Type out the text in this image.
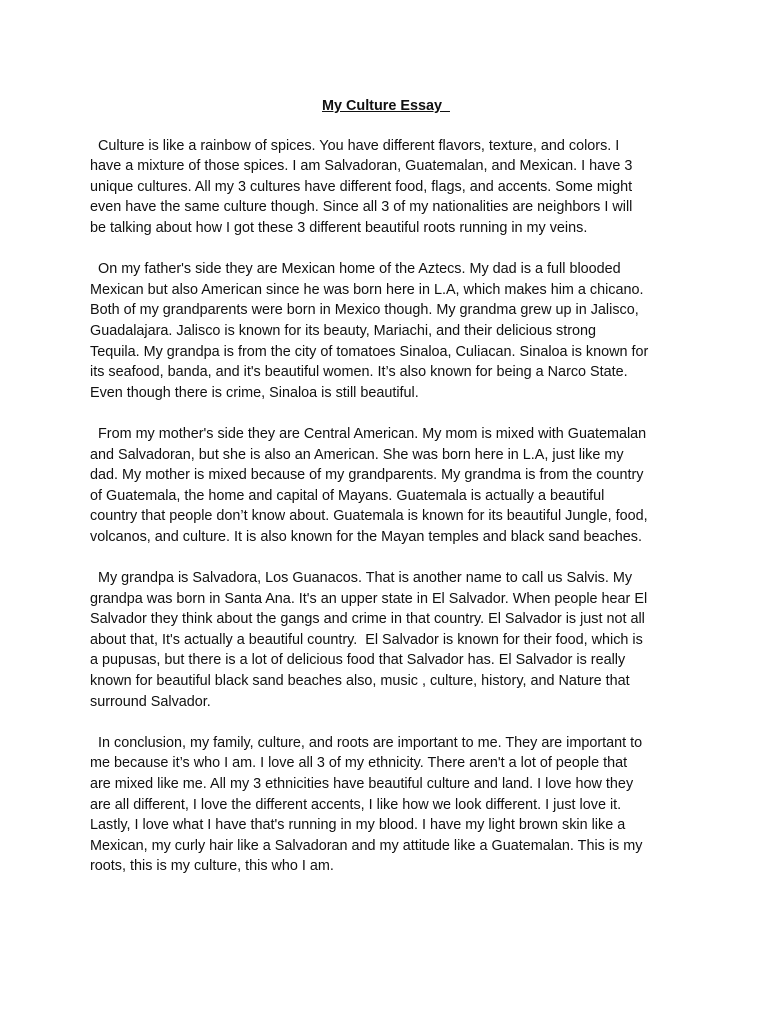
My Culture Essay
Culture is like a rainbow of spices. You have different flavors, texture, and colors. I
have a mixture of those spices. I am Salvadoran, Guatemalan, and Mexican. I have 3
unique cultures. All my 3 cultures have different food, flags, and accents. Some might
even have the same culture though. Since all 3 of my nationalities are neighbors I will
be talking about how I got these 3 different beautiful roots running in my veins.
On my father's side they are Mexican home of the Aztecs. My dad is a full blooded
Mexican but also American since he was born here in L.A, which makes him a chicano.
Both of my grandparents were born in Mexico though. My grandma grew up in Jalisco,
Guadalajara. Jalisco is known for its beauty, Mariachi, and their delicious strong
Tequila. My grandpa is from the city of tomatoes Sinaloa, Culiacan. Sinaloa is known for
its seafood, banda, and it's beautiful women. It’s also known for being a Narco State.
Even though there is crime, Sinaloa is still beautiful.
From my mother's side they are Central American. My mom is mixed with Guatemalan
and Salvadoran, but she is also an American. She was born here in L.A, just like my
dad. My mother is mixed because of my grandparents. My grandma is from the country
of Guatemala, the home and capital of Mayans. Guatemala is actually a beautiful
country that people don’t know about. Guatemala is known for its beautiful Jungle, food,
volcanos, and culture. It is also known for the Mayan temples and black sand beaches.
My grandpa is Salvadora, Los Guanacos. That is another name to call us Salvis. My
grandpa was born in Santa Ana. It's an upper state in El Salvador. When people hear El
Salvador they think about the gangs and crime in that country. El Salvador is just not all
about that, It's actually a beautiful country.  El Salvador is known for their food, which is
a pupusas, but there is a lot of delicious food that Salvador has. El Salvador is really
known for beautiful black sand beaches also, music , culture, history, and Nature that
surround Salvador.
In conclusion, my family, culture, and roots are important to me. They are important to
me because it’s who I am. I love all 3 of my ethnicity. There aren't a lot of people that
are mixed like me. All my 3 ethnicities have beautiful culture and land. I love how they
are all different, I love the different accents, I like how we look different. I just love it.
Lastly, I love what I have that's running in my blood. I have my light brown skin like a
Mexican, my curly hair like a Salvadoran and my attitude like a Guatemalan. This is my
roots, this is my culture, this who I am.
